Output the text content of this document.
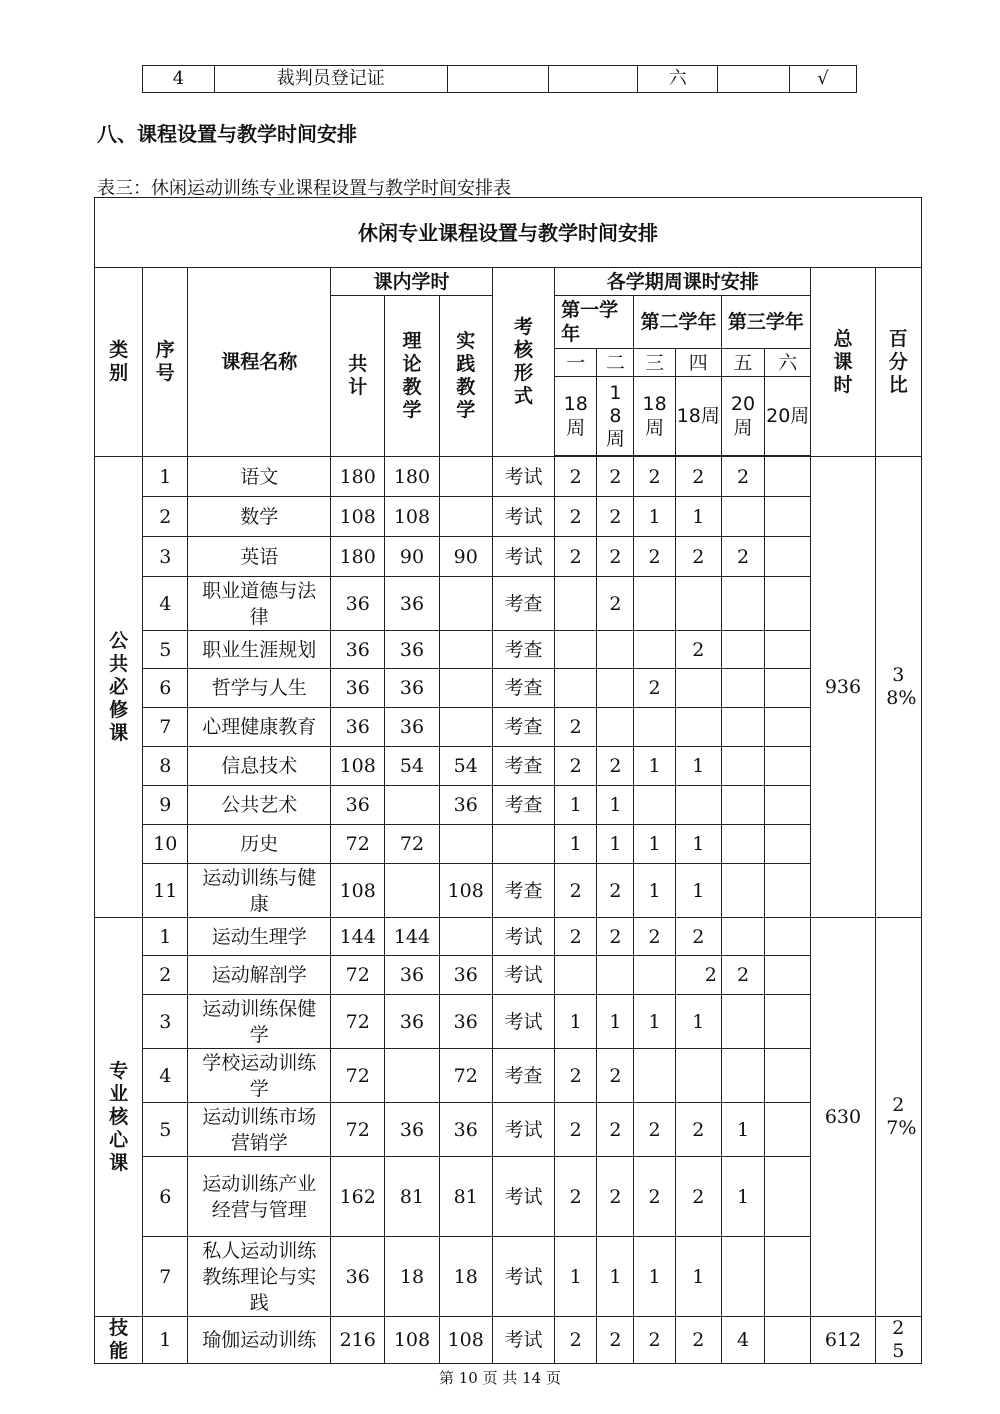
4	裁判员登记证			六		√
八、课程设置与教学时间安排
表三：休闲运动训练专业课程设置与教学时间安排表
休闲专业课程设置与教学时间安排														
类别	序号	课程名称	课内学时			考核形式	各学期周课时安排						总课时	百分比
			共计	理论教学	实践教学		第一学年		第二学年		第三学年			
							一	二	三	四	五	六		
							18周	18周	18周	18周	20周	20周		

公共必修课	1	语文	180	180		考试	2	2	2	2	2		936	38%
	2	数学	108	108		考试	2	2	1	1				
	3	英语	180	90	90	考试	2	2	2	2	2			
	4	职业道德与法律	36	36		考查		2						
	5	职业生涯规划	36	36		考查				2				
	6	哲学与人生	36	36		考查			2					
	7	心理健康教育	36	36		考查	2							
	8	信息技术	108	54	54	考查	2	2	1	1				
	9	公共艺术	36		36	考查	1	1						
	10	历史	72	72			1	1	1	1				
	11	运动训练与健康	108		108	考查	2	2	1	1				
专业核心课	1	运动生理学	144	144		考试	2	2	2	2			630	27%
	2	运动解剖学	72	36	36	考试				2	2			
	3	运动训练保健学	72	36	36	考试	1	1	1	1				
	4	学校运动训练学	72		72	考查	2	2						
	5	运动训练市场营销学	72	36	36	考试	2	2	2	2	1			
	6	运动训练产业经营与管理	162	81	81	考试	2	2	2	2	1			
	7	私人运动训练教练理论与实践	36	18	18	考试	1	1	1	1				
技能	1	瑜伽运动训练	216	108	108	考试	2	2	2	2	4		612	25
第 10 页 共 14 页
